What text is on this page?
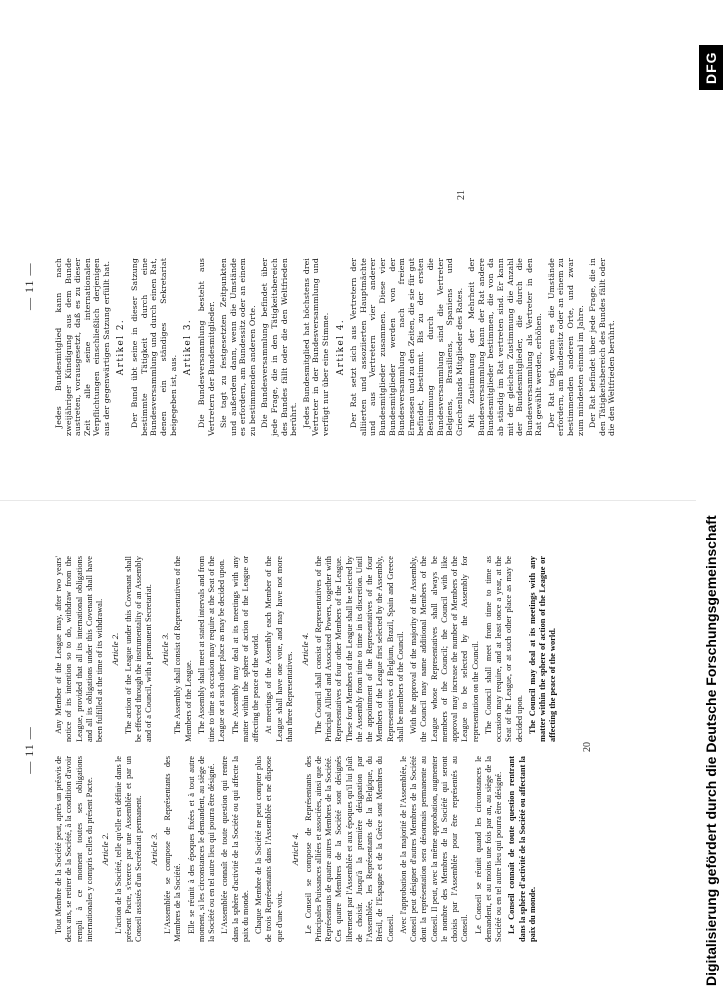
— 11 —

Tout Membre de la Société peut, après un préavis de deux ans, se retirer de la Société, à la condition d'avoir rempli à ce moment toutes ses obligations internationales y compris celles du présent Pacte. Article 2. L'action de la Société, telle qu'elle est définie dans le présent Pacte, s'exerce par une Assemblée et par un Conseil assistés d'un Secrétariat permanent. Article 3. L'Assemblée se compose de Représentants des Membres de la Société. Elle se réunit à des époques fixées et à tout autre moment, si les circonstances le demandent, au siège de la Société ou en tel autre lieu qui pourra être désigné. L'Assemblée connaît de toute question qui rentre dans la sphère d'activité de la Société ou qui affecte la paix du monde. Chaque Membre de la Société ne peut compter plus de trois Représentants dans l'Assemblée et ne dispose que d'une voix.

Article 4. Le Conseil se compose de Représentants des Principales Puissances alliées et associées, ainsi que de Représentants de quatre autres Membres de la Société. Ces quatre Membres de la Société sont désignés librement par l'Assemblée et aux époques qu'il lui plaît de choisir. Jusqu'à la première désignation par l'Assemblée, les Représentants de la Belgique, du Brésil, de l'Espagne et de la Grèce sont Membres du Conseil. Avec l'approbation de la majorité de l'Assemblée, le Conseil peut désigner d'autres Membres de la Société dont la représentation sera désormais permanente au Conseil. Il peut, avec la même approbation, augmenter le nombre des Membres de la Société qui seront choisis par l'Assemblée pour être représentés au Conseil. Le Conseil se réunit quand les circonstances le demandent, et au moins une fois par an, au siège de la Société ou en tel autre lieu qui pourra être désigné. Le Conseil connaît de toute question rentrant dans la sphère d'activité de la Société ou affectant la paix du monde.

Any Member of the League may, after two years' notice of its intention so to do, withdraw from the League, provided that all its international obligations and all its obligations under this Covenant shall have been fulfilled at the time of its withdrawal. Article 2. The action of the League under this Covenant shall be effected through the instrumentality of an Assembly and of a Council, with a permanent Secretariat. Article 3. The Assembly shall consist of Representatives of the Members of the League. The Assembly shall meet at stated intervals and from time to time as occasion may require at the Seat of the League or at such other place as may be decided upon. The Assembly may deal at its meetings with any matter within the sphere of action of the League or affecting the peace of the world. At meetings of the Assembly each Member of the League shall have one vote, and may have not more than three Representatives.

Article 4. The Council shall consist of Representatives of the Principal Allied and Associated Powers, together with Representatives of four other Members of the League. These four Members of the League shall be selected by the Assembly from time to time in its discretion. Until the appointment of the Representatives of the four Members of the League first selected by the Assembly, Representatives of Belgium, Brazil, Spain and Greece shall be members of the Council. With the approval of the majority of the Assembly, the Council may name additional Members of the League whose Representatives shall always be members of the Council; the Council with like approval may increase the number of Members of the League to be selected by the Assembly for representation on the Council. The Council shall meet from time to time as occasion may require, and at least once a year, at the Seat of the League, or at such other place as may be decided upon. The Council may deal at its meetings with any matter within the sphere of action of the League or affecting the peace of the world.

20
— 11 — Jedes Bundesmitglied kann nach zweijähriger Kündigung aus dem Bunde austreten, vorausgesetzt, daß es zu dieser Zeit alle seine internationalen Verpflichtungen einschließlich derjenigen aus der gegenwärtigen Satzung erfüllt hat. Artikel 2. Der Bund übt seine in dieser Satzung bestimmte Tätigkeit durch eine Bundesversammlung und durch einen Rat, denen ein ständiges Sekretariat beigegeben ist, aus.

Artikel 3. Die Bundesversammlung besteht aus Vertretern der Bundesmitglieder. Sie tagt zu festgesetzten Zeitpunkten und außerdem dann, wenn die Umstände es erfordern, am Bundessitz oder an einem zu bestimmenden anderen Orte. Die Bundesversammlung befindet über jede Frage, die in den Tätigkeitsbereich des Bundes fällt oder die den Weltfrieden berührt. Jedes Bundesmitglied hat höchstens drei Vertreter in der Bundesversammlung und verfügt nur über eine Stimme. Artikel 4. Der Rat setzt sich aus Vertretern der alliierten und assoziierten Hauptmächte und aus Vertretern vier anderer Bundesmitglieder zusammen. Diese vier Bundesmitglieder werden von der Bundesversammlung nach freiem Ermessen und zu den Zeiten, die sie für gut befindet, bestimmt. Bis zu der ersten Bestimmung durch die Bundesversammlung sind die Vertreter Belgiens, Brasiliens, Spaniens und Griechenlands Mitglieder des Rates. Mit Zustimmung der Mehrheit der Bundesversammlung kann der Rat andere Bundesmitglieder bestimmen, die von da ab ständig im Rat vertreten sind. Er kann mit der gleichen Zustimmung die Anzahl der Bundesmitglieder, die durch die Bundesversammlung als Vertreter in den Rat gewählt werden, erhöhen. Der Rat tagt, wenn es die Umstände erfordern, am Bundessitz oder an einem zu bestimmenden anderen Orte, und zwar zum mindesten einmal im Jahre. Der Rat befindet über jede Frage, die in den Tätigkeitsbereich des Bundes fällt oder die den Weltfrieden berührt.

21
Digitalisierung gefördert durch die Deutsche Forschungsgemeinschaft
DFG
